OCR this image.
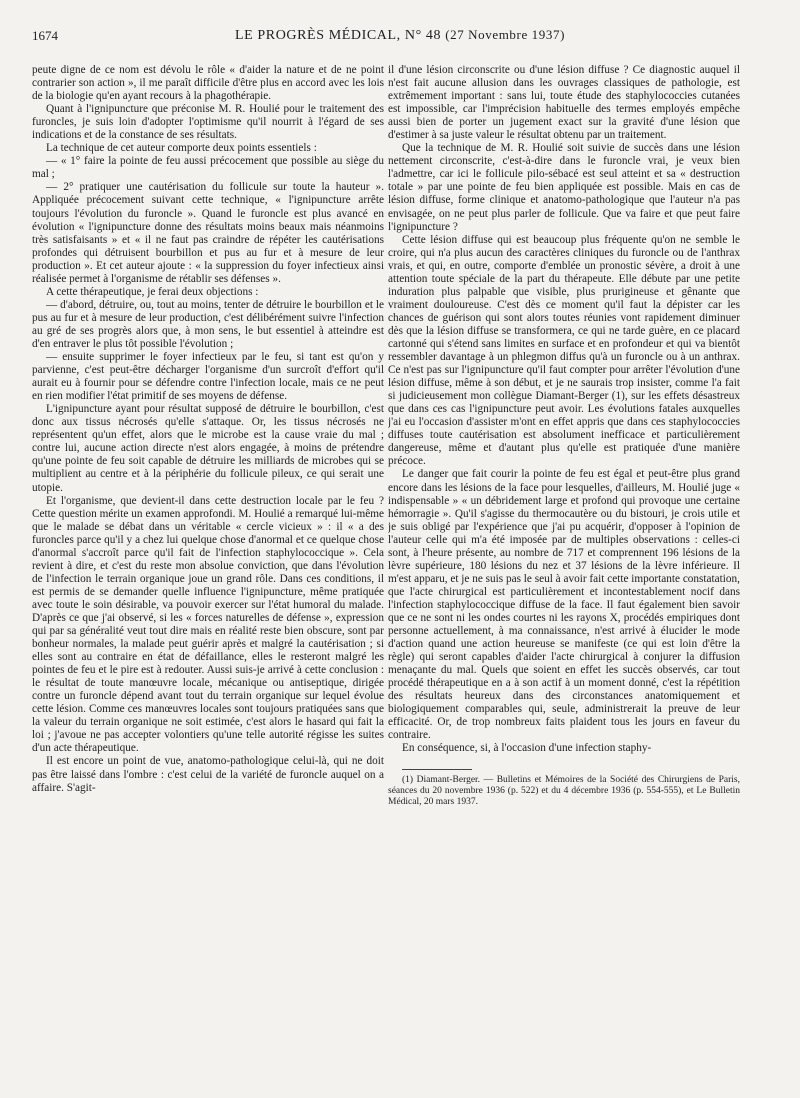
1674	LE PROGRÈS MÉDICAL, N° 48 (27 Novembre 1937)

peute digne de ce nom est dévolu le rôle « d'aider la nature et de ne point contrarier son action », il me paraît difficile d'être plus en accord avec les lois de la biologie qu'en ayant recours à la phagothérapie.

Quant à l'ignipuncture que préconise M. R. Houlié pour le traitement des furoncles, je suis loin d'adopter l'optimisme qu'il nourrit à l'égard de ses indications et de la constance de ses résultats.

La technique de cet auteur comporte deux points essentiels :

— « 1° faire la pointe de feu aussi précocement que possible au siège du mal ;

— 2° pratiquer une cautérisation du follicule sur toute la hauteur ». Appliquée précocement suivant cette technique, « l'ignipuncture arrête toujours l'évolution du furoncle ». Quand le furoncle est plus avancé en évolution « l'ignipuncture donne des résultats moins beaux mais néanmoins très satisfaisants » et « il ne faut pas craindre de répéter les cautérisations profondes qui détruisent bourbillon et pus au fur et à mesure de leur production ». Et cet auteur ajoute : « la suppression du foyer infectieux ainsi réalisée permet à l'organisme de rétablir ses défenses ».

A cette thérapeutique, je ferai deux objections :

— d'abord, détruire, ou, tout au moins, tenter de détruire le bourbillon et le pus au fur et à mesure de leur production, c'est délibérément suivre l'infection au gré de ses progrès alors que, à mon sens, le but essentiel à atteindre est d'en entraver le plus tôt possible l'évolution ;

— ensuite supprimer le foyer infectieux par le feu, si tant est qu'on y parvienne, c'est peut-être décharger l'organisme d'un surcroît d'effort qu'il aurait eu à fournir pour se défendre contre l'infection locale, mais ce ne peut en rien modifier l'état primitif de ses moyens de défense.

L'ignipuncture ayant pour résultat supposé de détruire le bourbillon, c'est donc aux tissus nécrosés qu'elle s'attaque. Or, les tissus nécrosés ne représentent qu'un effet, alors que le microbe est la cause vraie du mal ; contre lui, aucune action directe n'est alors engagée, à moins de prétendre qu'une pointe de feu soit capable de détruire les milliards de microbes qui se multiplient au centre et à la périphérie du follicule pileux, ce qui serait une utopie.

Et l'organisme, que devient-il dans cette destruction locale par le feu ? Cette question mérite un examen approfondi. M. Houlié a remarqué lui-même que le malade se débat dans un véritable « cercle vicieux » : il « a des furoncles parce qu'il y a chez lui quelque chose d'anormal et ce quelque chose d'anormal s'accroît parce qu'il fait de l'infection staphylococcique ». Cela revient à dire, et c'est du reste mon absolue conviction, que dans l'évolution de l'infection le terrain organique joue un grand rôle. Dans ces conditions, il est permis de se demander quelle influence l'ignipuncture, même pratiquée avec toute le soin désirable, va pouvoir exercer sur l'état humoral du malade. D'après ce que j'ai observé, si les « forces naturelles de défense », expression qui par sa généralité veut tout dire mais en réalité reste bien obscure, sont par bonheur normales, la malade peut guérir après et malgré la cautérisation ; si elles sont au contraire en état de défaillance, elles le resteront malgré les pointes de feu et le pire est à redouter. Aussi suis-je arrivé à cette conclusion : le résultat de toute manœuvre locale, mécanique ou antiseptique, dirigée contre un furoncle dépend avant tout du terrain organique sur lequel évolue cette lésion. Comme ces manœuvres locales sont toujours pratiquées sans que la valeur du terrain organique ne soit estimée, c'est alors le hasard qui fait la loi ; j'avoue ne pas accepter volontiers qu'une telle autorité régisse les suites d'un acte thérapeutique.

Il est encore un point de vue, anatomo-pathologique celui-là, qui ne doit pas être laissé dans l'ombre : c'est celui de la variété de furoncle auquel on a affaire. S'agit-

il d'une lésion circonscrite ou d'une lésion diffuse ? Ce diagnostic auquel il n'est fait aucune allusion dans les ouvrages classiques de pathologie, est extrêmement important : sans lui, toute étude des staphylococcies cutanées est impossible, car l'imprécision habituelle des termes employés empêche aussi bien de porter un jugement exact sur la gravité d'une lésion que d'estimer à sa juste valeur le résultat obtenu par un traitement.

Que la technique de M. R. Houlié soit suivie de succès dans une lésion nettement circonscrite, c'est-à-dire dans le furoncle vrai, je veux bien l'admettre, car ici le follicule pilo-sébacé est seul atteint et sa « destruction totale » par une pointe de feu bien appliquée est possible. Mais en cas de lésion diffuse, forme clinique et anatomo-pathologique que l'auteur n'a pas envisagée, on ne peut plus parler de follicule. Que va faire et que peut faire l'ignipuncture ?

Cette lésion diffuse qui est beaucoup plus fréquente qu'on ne semble le croire, qui n'a plus aucun des caractères cliniques du furoncle ou de l'anthrax vrais, et qui, en outre, comporte d'emblée un pronostic sévère, a droit à une attention toute spéciale de la part du thérapeute. Elle débute par une petite induration plus palpable que visible, plus prurigineuse et gênante que vraiment douloureuse. C'est dès ce moment qu'il faut la dépister car les chances de guérison qui sont alors toutes réunies vont rapidement diminuer dès que la lésion diffuse se transformera, ce qui ne tarde guère, en ce placard cartonné qui s'étend sans limites en surface et en profondeur et qui va bientôt ressembler davantage à un phlegmon diffus qu'à un furoncle ou à un anthrax. Ce n'est pas sur l'ignipuncture qu'il faut compter pour arrêter l'évolution d'une lésion diffuse, même à son début, et je ne saurais trop insister, comme l'a fait si judicieusement mon collègue Diamant-Berger (1), sur les effets désastreux que dans ces cas l'ignipuncture peut avoir. Les évolutions fatales auxquelles j'ai eu l'occasion d'assister m'ont en effet appris que dans ces staphylococcies diffuses toute cautérisation est absolument inefficace et particulièrement dangereuse, même et d'autant plus qu'elle est pratiquée d'une manière précoce.

Le danger que fait courir la pointe de feu est égal et peut-être plus grand encore dans les lésions de la face pour lesquelles, d'ailleurs, M. Houlié juge « indispensable » « un débridement large et profond qui provoque une certaine hémorragie ». Qu'il s'agisse du thermocautère ou du bistouri, je crois utile et je suis obligé par l'expérience que j'ai pu acquérir, d'opposer à l'opinion de l'auteur celle qui m'a été imposée par de multiples observations : celles-ci sont, à l'heure présente, au nombre de 717 et comprennent 196 lésions de la lèvre supérieure, 180 lésions du nez et 37 lésions de la lèvre inférieure. Il m'est apparu, et je ne suis pas le seul à avoir fait cette importante constatation, que l'acte chirurgical est particulièrement et incontestablement nocif dans l'infection staphylococcique diffuse de la face. Il faut également bien savoir que ce ne sont ni les ondes courtes ni les rayons X, procédés empiriques dont personne actuellement, à ma connaissance, n'est arrivé à élucider le mode d'action quand une action heureuse se manifeste (ce qui est loin d'être la règle) qui seront capables d'aider l'acte chirurgical à conjurer la diffusion menaçante du mal. Quels que soient en effet les succès observés, car tout procédé thérapeutique en a à son actif à un moment donné, c'est la répétition des résultats heureux dans des circonstances anatomiquement et biologiquement comparables qui, seule, administrerait la preuve de leur efficacité. Or, de trop nombreux faits plaident tous les jours en faveur du contraire.

En conséquence, si, à l'occasion d'une infection staphy-

(1) Diamant-Berger. — Bulletins et Mémoires de la Société des Chirurgiens de Paris, séances du 20 novembre 1936 (p. 522) et du 4 décembre 1936 (p. 554-555), et Le Bulletin Médical, 20 mars 1937.
